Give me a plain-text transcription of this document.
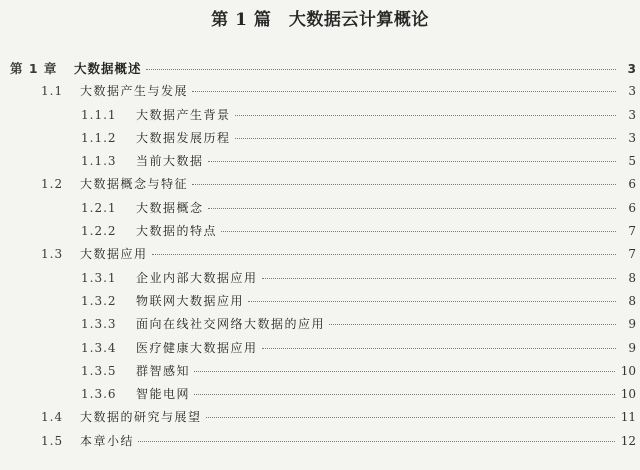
第 1 篇　大数据云计算概论
第 1 章	大数据概述	3
1.1	大数据产生与发展	3
1.1.1	大数据产生背景	3
1.1.2	大数据发展历程	3
1.1.3	当前大数据	5
1.2	大数据概念与特征	6
1.2.1	大数据概念	6
1.2.2	大数据的特点	7
1.3	大数据应用	7
1.3.1	企业内部大数据应用	8
1.3.2	物联网大数据应用	8
1.3.3	面向在线社交网络大数据的应用	9
1.3.4	医疗健康大数据应用	9
1.3.5	群智感知	10
1.3.6	智能电网	10
1.4	大数据的研究与展望	11
1.5	本章小结	12
